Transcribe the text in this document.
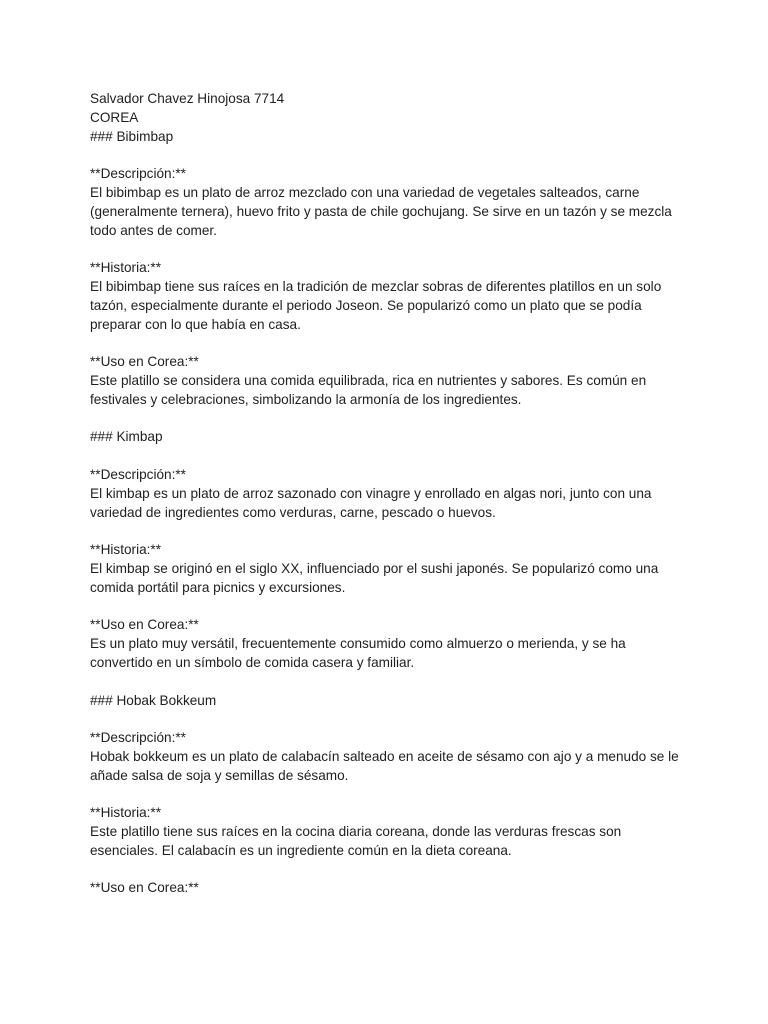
Salvador Chavez Hinojosa 7714
COREA
### Bibimbap
**Descripción:**
El bibimbap es un plato de arroz mezclado con una variedad de vegetales salteados, carne (generalmente ternera), huevo frito y pasta de chile gochujang. Se sirve en un tazón y se mezcla todo antes de comer.
**Historia:**
El bibimbap tiene sus raíces en la tradición de mezclar sobras de diferentes platillos en un solo tazón, especialmente durante el periodo Joseon. Se popularizó como un plato que se podía preparar con lo que había en casa.
**Uso en Corea:**
Este platillo se considera una comida equilibrada, rica en nutrientes y sabores. Es común en festivales y celebraciones, simbolizando la armonía de los ingredientes.
### Kimbap
**Descripción:**
El kimbap es un plato de arroz sazonado con vinagre y enrollado en algas nori, junto con una variedad de ingredientes como verduras, carne, pescado o huevos.
**Historia:**
El kimbap se originó en el siglo XX, influenciado por el sushi japonés. Se popularizó como una comida portátil para picnics y excursiones.
**Uso en Corea:**
Es un plato muy versátil, frecuentemente consumido como almuerzo o merienda, y se ha convertido en un símbolo de comida casera y familiar.
### Hobak Bokkeum
**Descripción:**
Hobak bokkeum es un plato de calabacín salteado en aceite de sésamo con ajo y a menudo se le añade salsa de soja y semillas de sésamo.
**Historia:**
Este platillo tiene sus raíces en la cocina diaria coreana, donde las verduras frescas son esenciales. El calabacín es un ingrediente común en la dieta coreana.
**Uso en Corea:**
